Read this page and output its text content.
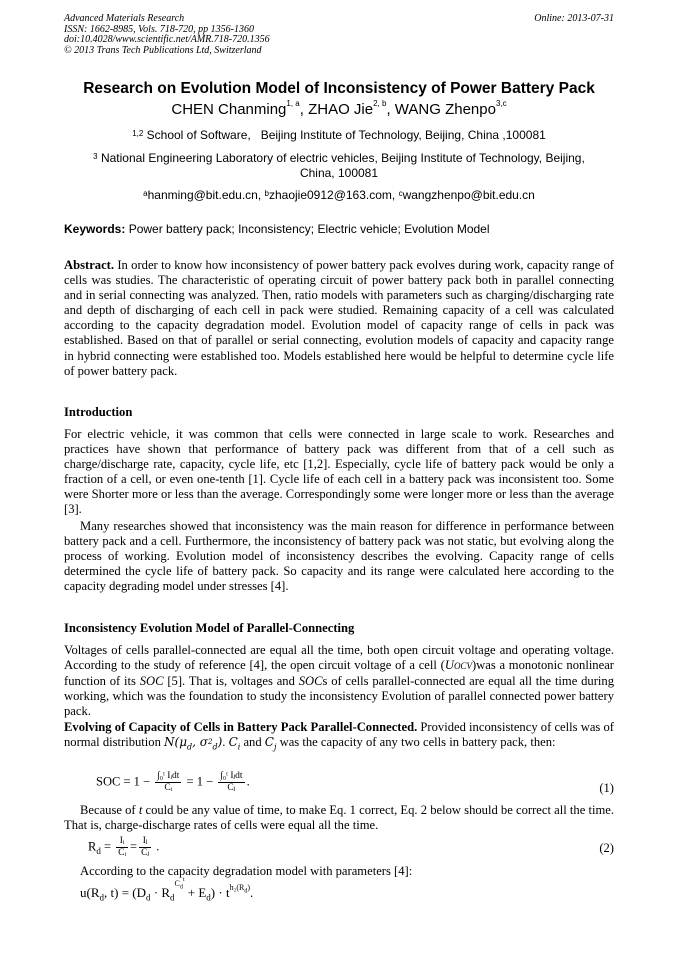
Advanced Materials Research
ISSN: 1662-8985, Vols. 718-720, pp 1356-1360
doi:10.4028/www.scientific.net/AMR.718-720.1356
© 2013 Trans Tech Publications Ltd, Switzerland
Online: 2013-07-31
Research on Evolution Model of Inconsistency of Power Battery Pack
CHEN Chanming$^{1, a}$, ZHAO Jie$^{2, b}$, WANG Zhenpo$^{3,c}$
$^{1,2}$ School of Software,   Beijing Institute of Technology, Beijing, China ,100081
$^3$ National Engineering Laboratory of electric vehicles, Beijing Institute of Technology, Beijing,
China, 100081
$^a$hanming@bit.edu.cn, $^b$zhaojie0912@163.com, $^c$wangzhenpo@bit.edu.cn
Keywords: Power battery pack; Inconsistency; Electric vehicle; Evolution Model
Abstract. In order to know how inconsistency of power battery pack evolves during work, capacity range of cells was studies. The characteristic of operating circuit of power battery pack both in parallel connecting and in serial connecting was analyzed. Then, ratio models with parameters such as charging/discharging rate and depth of discharging of each cell in pack were studied. Remaining capacity of a cell was calculated according to the capacity degradation model. Evolution model of capacity range of cells in pack was established. Based on that of parallel or serial connecting, evolution models of capacity and capacity range in hybrid connecting were established too. Models established here would be helpful to determine cycle life of power battery pack.
Introduction
For electric vehicle, it was common that cells were connected in large scale to work. Researches and practices have shown that performance of battery pack was different from that of a cell such as charge/discharge rate, capacity, cycle life, etc [1,2]. Especially, cycle life of battery pack would be only a fraction of a cell, or even one-tenth [1]. Cycle life of each cell in a battery pack was inconsistent too. Some were Shorter more or less than the average. Correspondingly some were longer more or less than the average [3].
Many researches showed that inconsistency was the main reason for difference in performance between battery pack and a cell. Furthermore, the inconsistency of battery pack was not static, but evolving along the process of working. Evolution model of inconsistency describes the evolving. Capacity range of cells determined the cycle life of battery pack. So capacity and its range were calculated here according to the capacity degrading model under stresses [4].
Inconsistency Evolution Model of Parallel-Connecting
Voltages of cells parallel-connected are equal all the time, both open circuit voltage and operating voltage. According to the study of reference [4], the open circuit voltage of a cell (UOCV)was a monotonic nonlinear function of its SOC [5]. That is, voltages and SOCs of cells parallel-connected are equal all the time during working, which was the foundation to study the inconsistency Evolution of parallel connected power battery pack.
Evolving of Capacity of Cells in Battery Pack Parallel-Connected. Provided inconsistency of cells was of normal distribution $N(\mu_d$, $\sigma^2_d$). $C_i$ and $C_j$ was the capacity of any two cells in battery pack, then:
SOC = $1 - \frac{\text{∫₀ᵗ Iᵢdt}}{\text{Cᵢ}} = 1 - \frac{\text{∫₀ᵗ Iⱼdt}}{\text{Cⱼ}}$ .	(1)
Because of t could be any value of time, to make Eq. 1 correct, Eq. 2 below should be correct all the time. That is, charge-discharge rates of cells were equal all the time.
$R_d = \frac{\text{Iᵢ}}{\text{Cᵢ}} = \frac{\text{Iⱼ}}{\text{Cⱼ}}$ .	(2)
According to the capacity degradation model with parameters [4]:
$u(R_d$, $t) = (D_d \cdot R_d^{C_d^t} + E_d) \cdot t^{h_2(R_d)}$.
